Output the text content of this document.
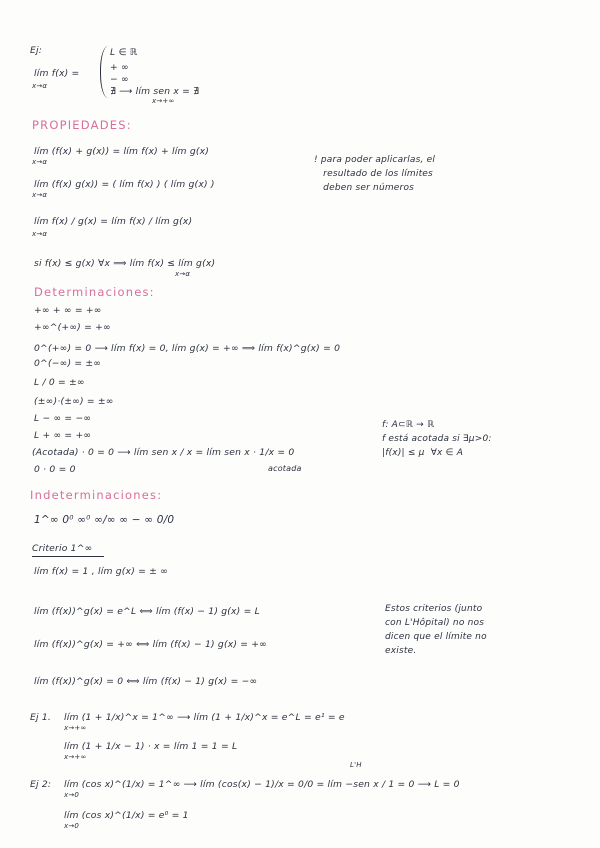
Ej:
lím f(x) =
x→α
L ∈ ℝ
+ ∞
− ∞
∄ ⟶ lím sen x = ∄
x→+∞
PROPIEDADES:
lím (f(x) + g(x)) = lím f(x) + lím g(x)
x→α
lím (f(x) g(x)) = ( lím f(x) ) ( lím g(x) )
x→α
lím f(x) / g(x) = lím f(x) / lím g(x)
x→α
si f(x) ≤ g(x) ∀x ⟹ lím f(x) ≤ lím g(x)
x→α
! para poder aplicarlas, el
resultado de los límites
deben ser números
Determinaciones:
+∞ + ∞ = +∞
+∞^(+∞) = +∞
0^(+∞) = 0 ⟶ lím f(x) = 0, lím g(x) = +∞ ⟹ lím f(x)^g(x) = 0
0^(−∞) = ±∞
L / 0 = ±∞
(±∞)·(±∞) = ±∞
L − ∞ = −∞
L + ∞ = +∞
(Acotada) · 0 = 0 ⟶ lím sen x / x = lím sen x · 1/x = 0
acotada
0 · 0 = 0
f: A⊂ℝ → ℝ
f está acotada si ∃μ>0:
|f(x)| ≤ μ  ∀x ∈ A
Indeterminaciones:
1^∞ 0⁰ ∞⁰ ∞/∞ ∞ − ∞ 0/0
Criterio 1^∞
lím f(x) = 1 , lím g(x) = ± ∞
lím (f(x))^g(x) = e^L ⟺ lím (f(x) − 1) g(x) = L
lím (f(x))^g(x) = +∞ ⟺ lím (f(x) − 1) g(x) = +∞
lím (f(x))^g(x) = 0 ⟺ lím (f(x) − 1) g(x) = −∞
Estos criterios (junto
con L'Hôpital) no nos
dicen que el límite no
existe.
Ej 1. lím (1 + 1/x)^x = 1^∞ ⟶ lím (1 + 1/x)^x = e^L = e¹ = e
x→+∞
lím (1 + 1/x − 1) · x = lím 1 = 1 = L
x→+∞
L'H
Ej 2: lím (cos x)^(1/x) = 1^∞ ⟶ lím (cos(x) − 1)/x = 0/0 = lím −sen x / 1 = 0 ⟶ L = 0
x→0
lím (cos x)^(1/x) = e⁰ = 1
x→0
